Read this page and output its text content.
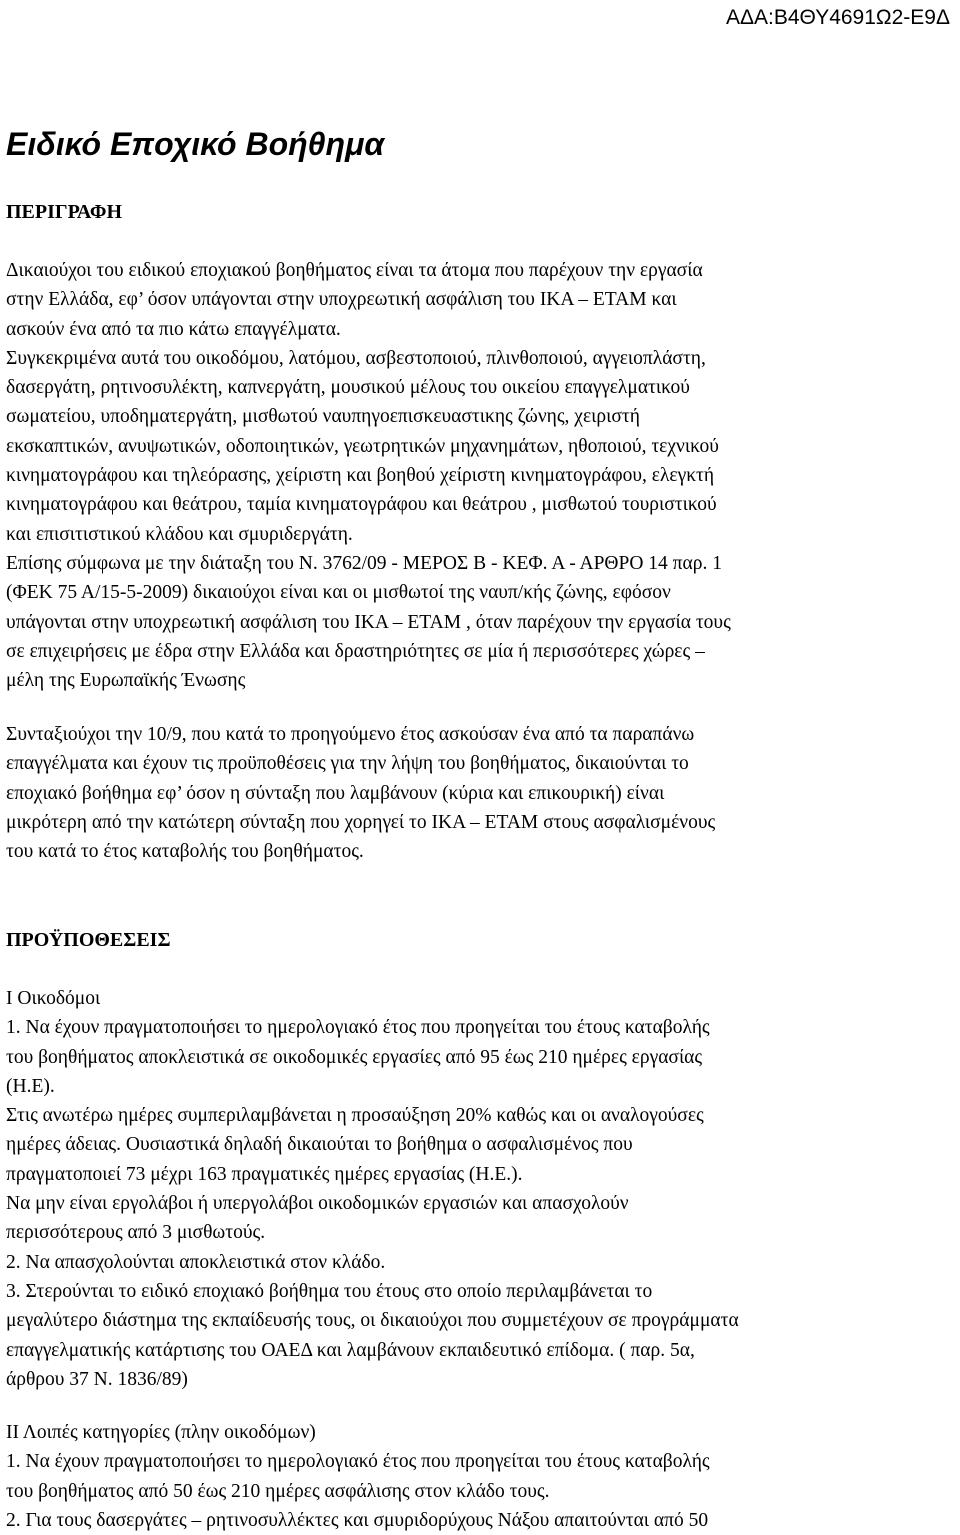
ΑΔΑ:Β4ΘΥ4691Ω2-Ε9Δ
Ειδικό Εποχικό Βοήθημα
ΠΕΡΙΓΡΑΦΗ
Δικαιούχοι του ειδικού εποχιακού βοηθήματος είναι τα άτομα που παρέχουν την εργασία
στην Ελλάδα, εφ’ όσον υπάγονται στην υποχρεωτική ασφάλιση του ΙΚΑ – ΕΤΑΜ και
ασκούν ένα από τα πιο κάτω επαγγέλματα.
Συγκεκριμένα αυτά του οικοδόμου, λατόμου, ασβεστοποιού, πλινθοποιού, αγγειοπλάστη,
δασεργάτη, ρητινοσυλέκτη, καπνεργάτη, μουσικού μέλους του οικείου επαγγελματικού
σωματείου, υποδηματεργάτη, μισθωτού ναυπηγοεπισκευαστικης ζώνης, χειριστή
εκσκαπτικών, ανυψωτικών, οδοποιητικών, γεωτρητικών μηχανημάτων, ηθοποιού, τεχνικού
κινηματογράφου και τηλεόρασης, χείριστη και βοηθού χείριστη κινηματογράφου, ελεγκτή
κινηματογράφου και θεάτρου, ταμία κινηματογράφου και θεάτρου , μισθωτού τουριστικού
και επισιτιστικού κλάδου και σμυριδεργάτη.
Επίσης σύμφωνα με την διάταξη του Ν. 3762/09 - ΜΕΡΟΣ Β - ΚΕΦ. Α - ΑΡΘΡΟ 14 παρ. 1
(ΦΕΚ 75 Α/15-5-2009) δικαιούχοι είναι και οι μισθωτοί της ναυπ/κής ζώνης, εφόσον
υπάγονται στην υποχρεωτική ασφάλιση του ΙΚΑ – ΕΤΑΜ , όταν παρέχουν την εργασία τους
σε επιχειρήσεις με έδρα στην Ελλάδα και δραστηριότητες σε μία ή περισσότερες χώρες –
μέλη της Ευρωπαϊκής Ένωσης
Συνταξιούχοι την 10/9, που κατά το προηγούμενο έτος ασκούσαν ένα από τα παραπάνω
επαγγέλματα και έχουν τις προϋποθέσεις για την λήψη του βοηθήματος, δικαιούνται το
εποχιακό βοήθημα εφ’ όσον η σύνταξη που λαμβάνουν (κύρια και επικουρική) είναι
μικρότερη από την κατώτερη σύνταξη που χορηγεί το ΙΚΑ – ΕΤΑΜ στους ασφαλισμένους
του κατά το έτος καταβολής του βοηθήματος.
ΠΡΟΫΠΟΘΕΣΕΙΣ
Ι Οικοδόμοι
1. Να έχουν πραγματοποιήσει το ημερολογιακό έτος που προηγείται του έτους καταβολής
του βοηθήματος αποκλειστικά σε οικοδομικές εργασίες από 95 έως 210 ημέρες εργασίας
(Η.Ε).
Στις ανωτέρω ημέρες συμπεριλαμβάνεται η προσαύξηση 20% καθώς και οι αναλογούσες
ημέρες άδειας. Ουσιαστικά δηλαδή δικαιούται το βοήθημα ο ασφαλισμένος που
πραγματοποιεί 73 μέχρι 163 πραγματικές ημέρες εργασίας (Η.Ε.).
Να μην είναι εργολάβοι ή υπεργολάβοι οικοδομικών εργασιών και απασχολούν
περισσότερους από 3 μισθωτούς.
2. Να απασχολούνται αποκλειστικά στον κλάδο.
3. Στερούνται το ειδικό εποχιακό βοήθημα του έτους στο οποίο περιλαμβάνεται το
μεγαλύτερο διάστημα της εκπαίδευσής τους, οι δικαιούχοι που συμμετέχουν σε προγράμματα
επαγγελματικής κατάρτισης του ΟΑΕΔ και λαμβάνουν εκπαιδευτικό επίδομα. ( παρ. 5α,
άρθρου 37 Ν. 1836/89)
ΙΙ Λοιπές κατηγορίες (πλην οικοδόμων)
1. Να έχουν πραγματοποιήσει το ημερολογιακό έτος που προηγείται του έτους καταβολής
του βοηθήματος από 50 έως 210 ημέρες ασφάλισης στον κλάδο τους.
2. Για τους δασεργάτες – ρητινοσυλλέκτες και σμυριδορύχους Νάξου απαιτούνται από 50
